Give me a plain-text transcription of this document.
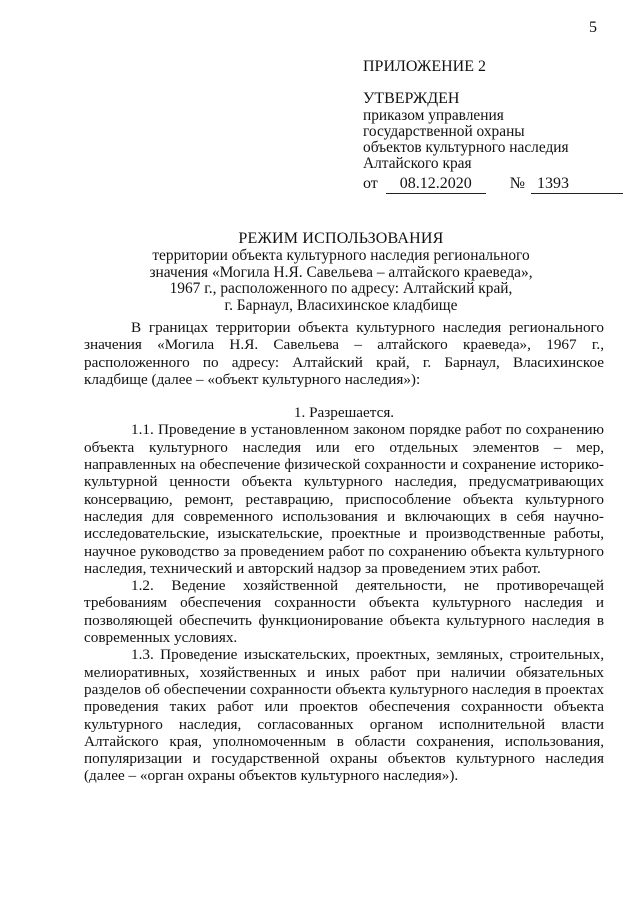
5
ПРИЛОЖЕНИЕ 2
УТВЕРЖДЕН
приказом управления
государственной охраны
объектов культурного наследия
Алтайского края
от	08.12.2020	№ 1393
РЕЖИМ ИСПОЛЬЗОВАНИЯ
территории объекта культурного наследия регионального
значения «Могила Н.Я. Савельева – алтайского краеведа»,
1967 г., расположенного по адресу: Алтайский край,
г. Барнаул, Власихинское кладбище

В границах территории объекта культурного наследия регионального значения «Могила Н.Я. Савельева – алтайского краеведа», 1967 г., расположенного по адресу: Алтайский край, г. Барнаул, Власихинское кладбище (далее – «объект культурного наследия»):

1. Разрешается.

1.1. Проведение в установленном законом порядке работ по сохранению объекта культурного наследия или его отдельных элементов – мер, направленных на обеспечение физической сохранности и сохранение историко-культурной ценности объекта культурного наследия, предусматривающих консервацию, ремонт, реставрацию, приспособление объекта культурного наследия для современного использования и включающих в себя научно-исследовательские, изыскательские, проектные и производственные работы, научное руководство за проведением работ по сохранению объекта культурного наследия, технический и авторский надзор за проведением этих работ.

1.2. Ведение хозяйственной деятельности, не противоречащей требованиям обеспечения сохранности объекта культурного наследия и позволяющей обеспечить функционирование объекта культурного наследия в современных условиях.

1.3. Проведение изыскательских, проектных, земляных, строительных, мелиоративных, хозяйственных и иных работ при наличии обязательных разделов об обеспечении сохранности объекта культурного наследия в проектах проведения таких работ или проектов обеспечения сохранности объекта культурного наследия, согласованных органом исполнительной власти Алтайского края, уполномоченным в области сохранения, использования, популяризации и государственной охраны объектов культурного наследия (далее – «орган охраны объектов культурного наследия»).
